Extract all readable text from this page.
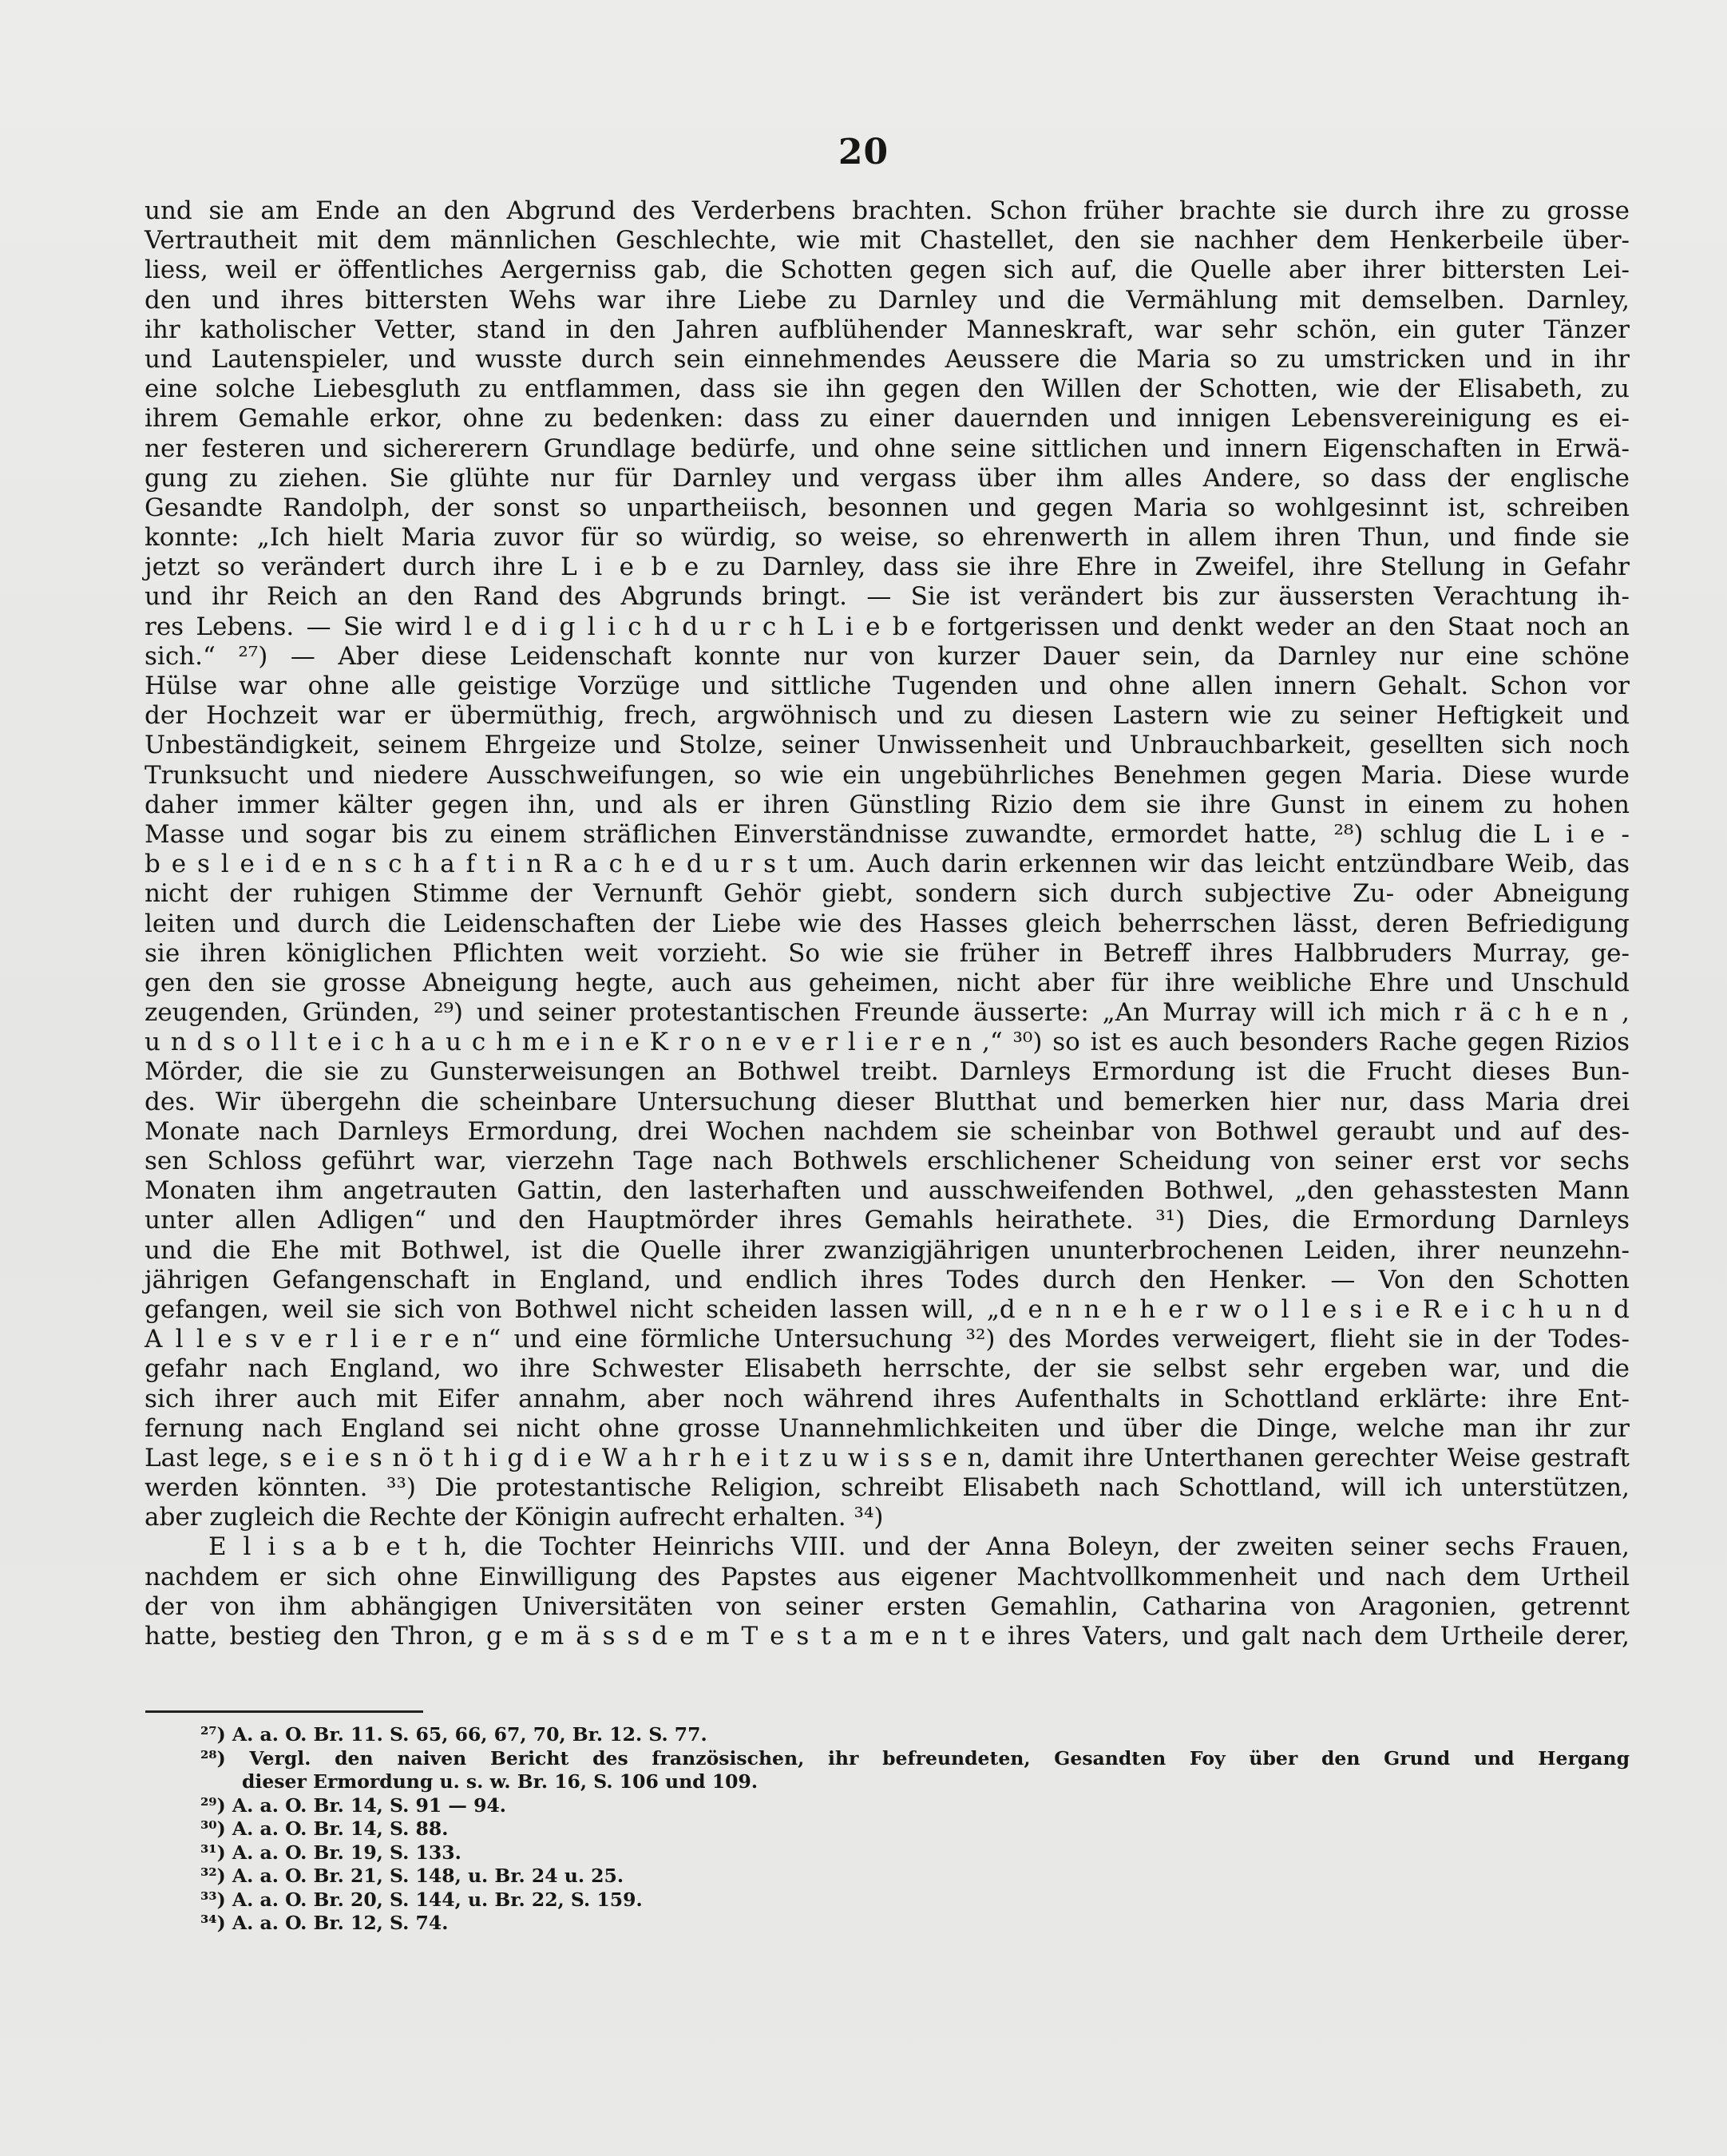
20
und sie am Ende an den Abgrund des Verderbens brachten. Schon früher brachte sie durch ihre zu grosse
Vertrautheit mit dem männlichen Geschlechte, wie mit Chastellet, den sie nachher dem Henkerbeile über-
liess, weil er öffentliches Aergerniss gab, die Schotten gegen sich auf, die Quelle aber ihrer bittersten Lei-
den und ihres bittersten Wehs war ihre Liebe zu Darnley und die Vermählung mit demselben. Darnley,
ihr katholischer Vetter, stand in den Jahren aufblühender Manneskraft, war sehr schön, ein guter Tänzer
und Lautenspieler, und wusste durch sein einnehmendes Aeussere die Maria so zu umstricken und in ihr
eine solche Liebesgluth zu entflammen, dass sie ihn gegen den Willen der Schotten, wie der Elisabeth, zu
ihrem Gemahle erkor, ohne zu bedenken: dass zu einer dauernden und innigen Lebensvereinigung es ei-
ner festeren und sichererern Grundlage bedürfe, und ohne seine sittlichen und innern Eigenschaften in Erwä-
gung zu ziehen. Sie glühte nur für Darnley und vergass über ihm alles Andere, so dass der englische
Gesandte Randolph, der sonst so unpartheiisch, besonnen und gegen Maria so wohlgesinnt ist, schreiben
konnte: „Ich hielt Maria zuvor für so würdig, so weise, so ehrenwerth in allem ihren Thun, und finde sie
jetzt so verändert durch ihre L i e b e zu Darnley, dass sie ihre Ehre in Zweifel, ihre Stellung in Gefahr
und ihr Reich an den Rand des Abgrunds bringt. — Sie ist verändert bis zur äussersten Verachtung ih-
res Lebens. — Sie wird l e d i g l i c h d u r c h L i e b e fortgerissen und denkt weder an den Staat noch an
sich.“ ²⁷) — Aber diese Leidenschaft konnte nur von kurzer Dauer sein, da Darnley nur eine schöne
Hülse war ohne alle geistige Vorzüge und sittliche Tugenden und ohne allen innern Gehalt. Schon vor
der Hochzeit war er übermüthig, frech, argwöhnisch und zu diesen Lastern wie zu seiner Heftigkeit und
Unbeständigkeit, seinem Ehrgeize und Stolze, seiner Unwissenheit und Unbrauchbarkeit, gesellten sich noch
Trunksucht und niedere Ausschweifungen, so wie ein ungebührliches Benehmen gegen Maria. Diese wurde
daher immer kälter gegen ihn, und als er ihren Günstling Rizio dem sie ihre Gunst in einem zu hohen
Masse und sogar bis zu einem sträflichen Einverständnisse zuwandte, ermordet hatte, ²⁸) schlug die L i e -
b e s l e i d e n s c h a f t i n R a c h e d u r s t um. Auch darin erkennen wir das leicht entzündbare Weib, das
nicht der ruhigen Stimme der Vernunft Gehör giebt, sondern sich durch subjective Zu- oder Abneigung
leiten und durch die Leidenschaften der Liebe wie des Hasses gleich beherrschen lässt, deren Befriedigung
sie ihren königlichen Pflichten weit vorzieht. So wie sie früher in Betreff ihres Halbbruders Murray, ge-
gen den sie grosse Abneigung hegte, auch aus geheimen, nicht aber für ihre weibliche Ehre und Unschuld
zeugenden, Gründen, ²⁹) und seiner protestantischen Freunde äusserte: „An Murray will ich mich r ä c h e n ,
u n d s o l l t e i c h a u c h m e i n e K r o n e v e r l i e r e n ,“ ³⁰) so ist es auch besonders Rache gegen Rizios
Mörder, die sie zu Gunsterweisungen an Bothwel treibt. Darnleys Ermordung ist die Frucht dieses Bun-
des. Wir übergehn die scheinbare Untersuchung dieser Blutthat und bemerken hier nur, dass Maria drei
Monate nach Darnleys Ermordung, drei Wochen nachdem sie scheinbar von Bothwel geraubt und auf des-
sen Schloss geführt war, vierzehn Tage nach Bothwels erschlichener Scheidung von seiner erst vor sechs
Monaten ihm angetrauten Gattin, den lasterhaften und ausschweifenden Bothwel, „den gehasstesten Mann
unter allen Adligen“ und den Hauptmörder ihres Gemahls heirathete. ³¹) Dies, die Ermordung Darnleys
und die Ehe mit Bothwel, ist die Quelle ihrer zwanzigjährigen ununterbrochenen Leiden, ihrer neunzehn-
jährigen Gefangenschaft in England, und endlich ihres Todes durch den Henker. — Von den Schotten
gefangen, weil sie sich von Bothwel nicht scheiden lassen will, „d e n n e h e r w o l l e s i e R e i c h u n d
A l l e s v e r l i e r e n“ und eine förmliche Untersuchung ³²) des Mordes verweigert, flieht sie in der Todes-
gefahr nach England, wo ihre Schwester Elisabeth herrschte, der sie selbst sehr ergeben war, und die
sich ihrer auch mit Eifer annahm, aber noch während ihres Aufenthalts in Schottland erklärte: ihre Ent-
fernung nach England sei nicht ohne grosse Unannehmlichkeiten und über die Dinge, welche man ihr zur
Last lege, s e i e s n ö t h i g d i e W a h r h e i t z u w i s s e n, damit ihre Unterthanen gerechter Weise gestraft
werden könnten. ³³) Die protestantische Religion, schreibt Elisabeth nach Schottland, will ich unterstützen,
aber zugleich die Rechte der Königin aufrecht erhalten. ³⁴)
E l i s a b e t h, die Tochter Heinrichs VIII. und der Anna Boleyn, der zweiten seiner sechs Frauen,
nachdem er sich ohne Einwilligung des Papstes aus eigener Machtvollkommenheit und nach dem Urtheil
der von ihm abhängigen Universitäten von seiner ersten Gemahlin, Catharina von Aragonien, getrennt
hatte, bestieg den Thron, g e m ä s s d e m T e s t a m e n t e ihres Vaters, und galt nach dem Urtheile derer,
²⁷) A. a. O. Br. 11. S. 65, 66, 67, 70, Br. 12. S. 77.
²⁸) Vergl. den naiven Bericht des französischen, ihr befreundeten, Gesandten Foy über den Grund und Hergang
dieser Ermordung u. s. w. Br. 16, S. 106 und 109.
²⁹) A. a. O. Br. 14, S. 91 — 94.
³⁰) A. a. O. Br. 14, S. 88.
³¹) A. a. O. Br. 19, S. 133.
³²) A. a. O. Br. 21, S. 148, u. Br. 24 u. 25.
³³) A. a. O. Br. 20, S. 144, u. Br. 22, S. 159.
³⁴) A. a. O. Br. 12, S. 74.
